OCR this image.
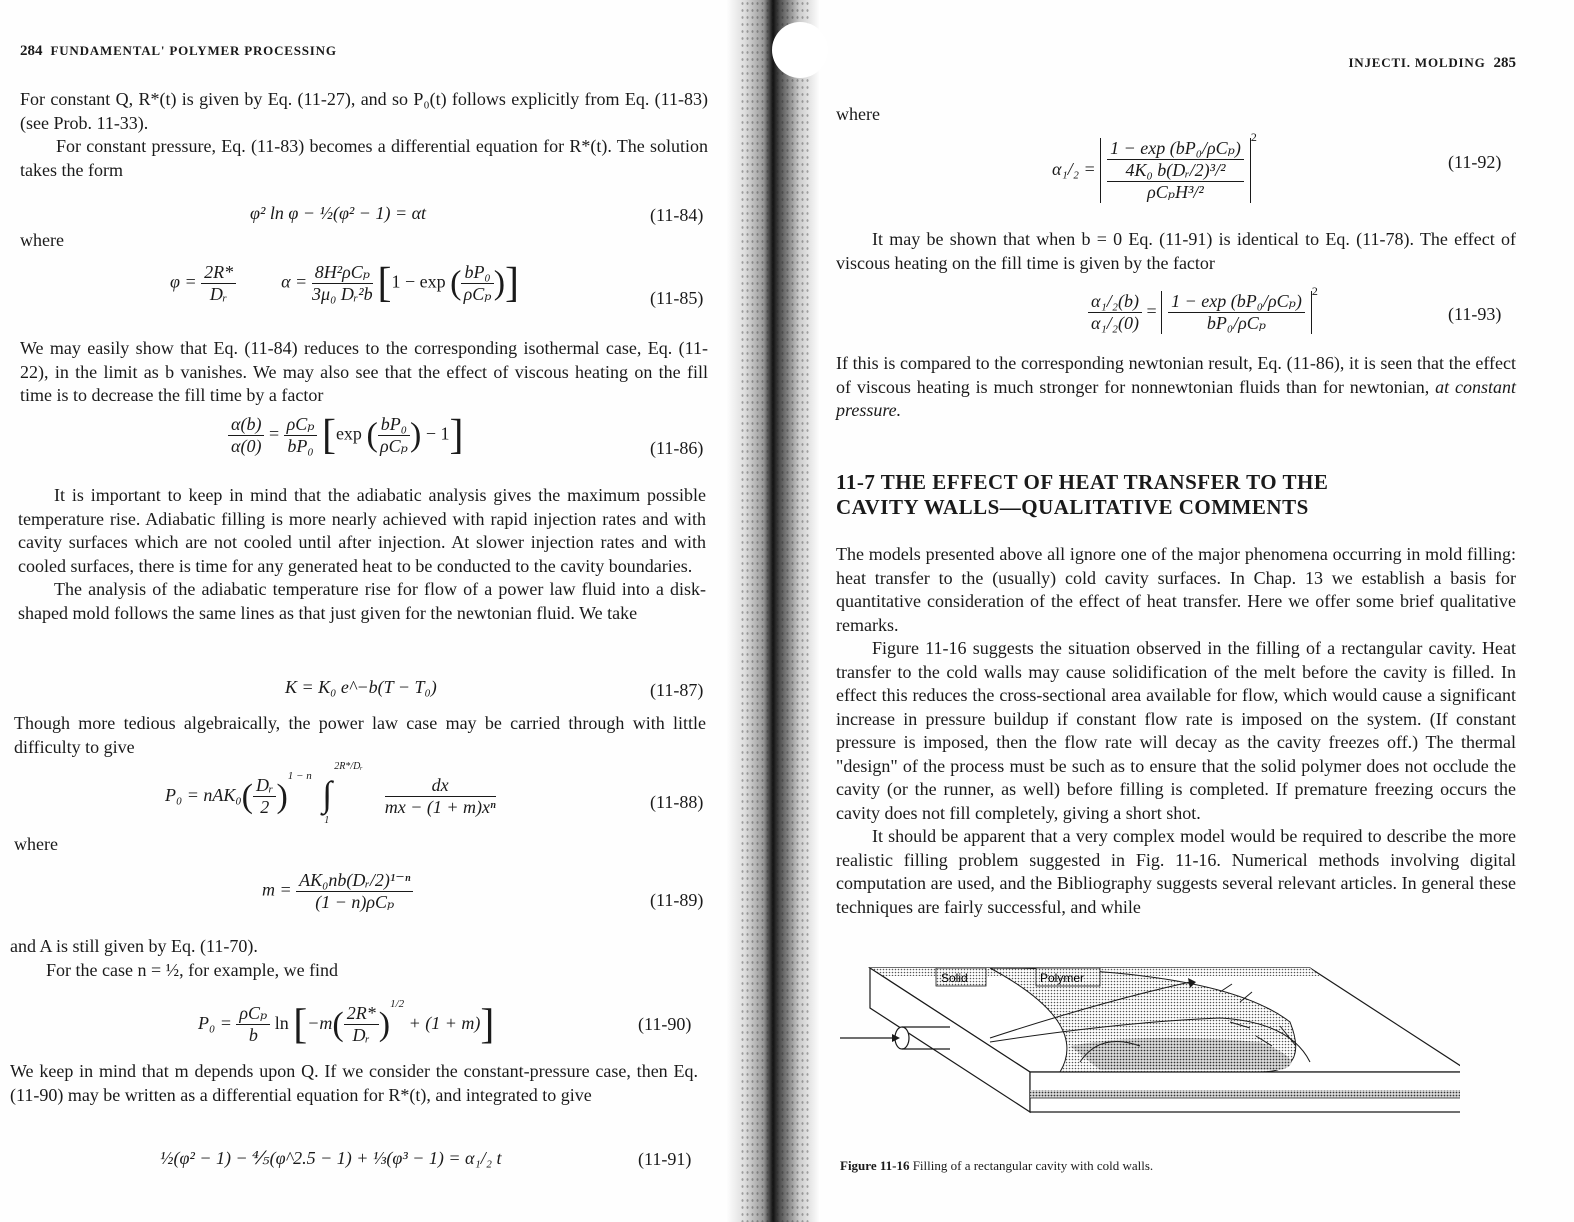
284 FUNDAMENTAL' POLYMER PROCESSING

For constant Q, R*(t) is given by Eq. (11-27), and so P₀(t) follows explicitly from Eq. (11-83) (see Prob. 11-33).

For constant pressure, Eq. (11-83) becomes a differential equation for R*(t). The solution takes the form

φ² ln φ − ½(φ² − 1) = αt	(11-84)
where
$\varphi = \frac{2R*}{\text{Dᵣ}}$	$\alpha = \frac{\text{8H²ρCₚ}}{\text{3μ₀ Dᵣ²b}} [1 - \exp$ ( $\frac{\text{bP₀}}{\text{ρCₚ}}$ )]	(11-85)

We may easily show that Eq. (11-84) reduces to the corresponding isothermal case, Eq. (11-22), in the limit as b vanishes. We may also see that the effect of viscous heating on the fill time is to decrease the fill time by a factor

$\frac{\alpha(b)}{\alpha(0)} = \frac{\text{ρCₚ}}{\text{bP₀}} [\exp$ ( $\frac{\text{bP₀}}{\text{ρCₚ}}$ ) − 1]	(11-86)

It is important to keep in mind that the adiabatic analysis gives the maximum possible temperature rise. Adiabatic filling is more nearly achieved with rapid injection rates and with cavity surfaces which are not cooled until after injection. At slower injection rates and with cooled surfaces, there is time for any generated heat to be conducted to the cavity boundaries.

The analysis of the adiabatic temperature rise for flow of a power law fluid into a disk-shaped mold follows the same lines as that just given for the newtonian fluid. We take

K = K₀ e^−b(T − T₀)	(11-87)

Though more tedious algebraically, the power law case may be carried through with little difficulty to give

$P_0 = nAK_0( \frac{\text{Dᵣ}}{2} )^{1 - n}$ ∫
2R*/Dᵣ
1

$\frac{dx}{\text{mx − (1 + m)xⁿ}}$	(11-88)
where
$m = \frac{\text{AK₀nb(Dᵣ/2)¹⁻ⁿ}}{\text{(1 − n)ρCₚ}}$	(11-89)

and A is still given by Eq. (11-70).

For the case n = ½, for example, we find

$P_0 = \frac{\text{ρCₚ}}{b}$ $\ln [-m( \frac{2R*}{\text{Dᵣ}} )^{1/2} + (1 + m)]$	(11-90)

We keep in mind that m depends upon Q. If we consider the constant-pressure case, then Eq. (11-90) may be written as a differential equation for R*(t), and integrated to give

½(φ² − 1) − ⅘(φ^2.5 − 1) + ⅓(φ³ − 1) = α₁/₂ t	(11-91)
INJECTI. MOLDING 285
where
α₁/₂ = 1 − exp (bP₀/ρCₚ)
4K₀ b(Dᵣ/2)³/²
ρCₚH³/²
$^2$
(11-92)

It may be shown that when b = 0 Eq. (11-91) is identical to Eq. (11-78). The effect of viscous heating on the fill time is given by the factor

$\frac{\text{α₁/₂(b)}}{\text{α₁/₂(0)}} = \frac{\text{1 − exp (bP₀/ρCₚ)}}{\text{bP₀/ρCₚ}}$
$^2$
(11-93)

If this is compared to the corresponding newtonian result, Eq. (11-86), it is seen that the effect of viscous heating is much stronger for nonnewtonian fluids than for newtonian, at constant pressure.

11-7 THE EFFECT OF HEAT TRANSFER TO THE
CAVITY WALLS—QUALITATIVE COMMENTS

The models presented above all ignore one of the major phenomena occurring in mold filling: heat transfer to the (usually) cold cavity surfaces. In Chap. 13 we establish a basis for quantitative consideration of the effect of heat transfer. Here we offer some brief qualitative remarks.

Figure 11-16 suggests the situation observed in the filling of a rectangular cavity. Heat transfer to the cold walls may cause solidification of the melt before the cavity is filled. In effect this reduces the cross-sectional area available for flow, which would cause a significant increase in pressure buildup if constant flow rate is imposed on the system. (If constant pressure is imposed, then the flow rate will decay as the cavity freezes off.) The thermal "design" of the process must be such as to ensure that the solid polymer does not occlude the cavity (or the runner, as well) before filling is completed. If premature freezing occurs the cavity does not fill completely, giving a short shot.

It should be apparent that a very complex model would be required to describe the more realistic filling problem suggested in Fig. 11-16. Numerical methods involving digital computation are used, and the Bibliography suggests several relevant articles. In general these techniques are fairly successful, and while

Solid	Polymer
Figure 11-16 Filling of a rectangular cavity with cold walls.
